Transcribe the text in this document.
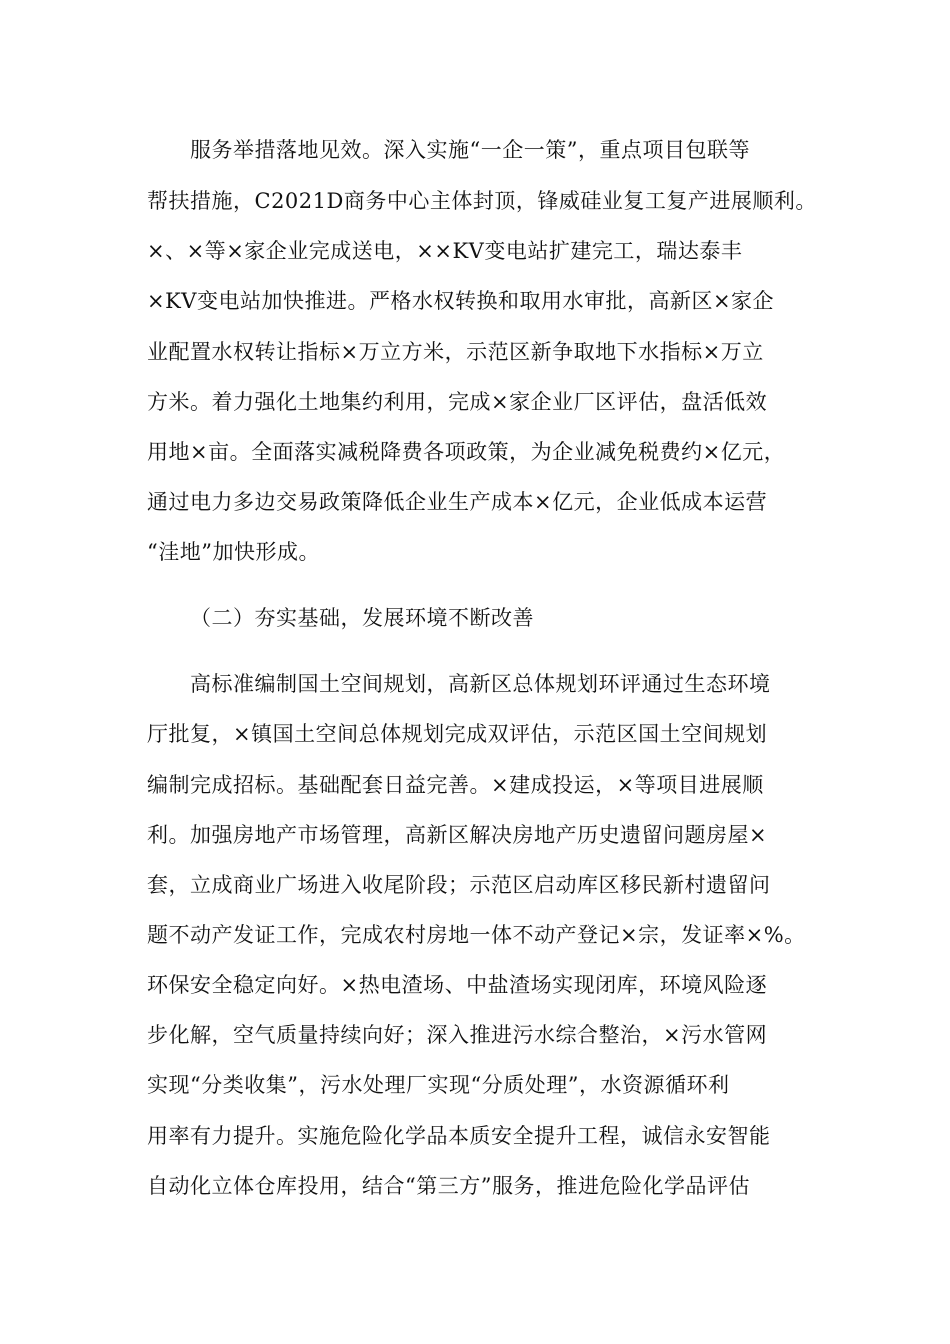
服务举措落地见效。深入实施“一企一策”，重点项目包联等
帮扶措施，C2021D商务中心主体封顶，锋威硅业复工复产进展顺利。
×、×等×家企业完成送电，××KV变电站扩建完工，瑞达泰丰
×KV变电站加快推进。严格水权转换和取用水审批，高新区×家企
业配置水权转让指标×万立方米，示范区新争取地下水指标×万立
方米。着力强化土地集约利用，完成×家企业厂区评估，盘活低效
用地×亩。全面落实减税降费各项政策，为企业减免税费约×亿元，
通过电力多边交易政策降低企业生产成本×亿元，企业低成本运营
“洼地”加快形成。
（二）夯实基础，发展环境不断改善
高标准编制国土空间规划，高新区总体规划环评通过生态环境
厅批复，×镇国土空间总体规划完成双评估，示范区国土空间规划
编制完成招标。基础配套日益完善。×建成投运，×等项目进展顺
利。加强房地产市场管理，高新区解决房地产历史遗留问题房屋×
套，立成商业广场进入收尾阶段；示范区启动库区移民新村遗留问
题不动产发证工作，完成农村房地一体不动产登记×宗，发证率×%。
环保安全稳定向好。×热电渣场、中盐渣场实现闭库，环境风险逐
步化解，空气质量持续向好；深入推进污水综合整治，×污水管网
实现“分类收集”，污水处理厂实现“分质处理”，水资源循环利
用率有力提升。实施危险化学品本质安全提升工程，诚信永安智能
自动化立体仓库投用，结合“第三方”服务，推进危险化学品评估
